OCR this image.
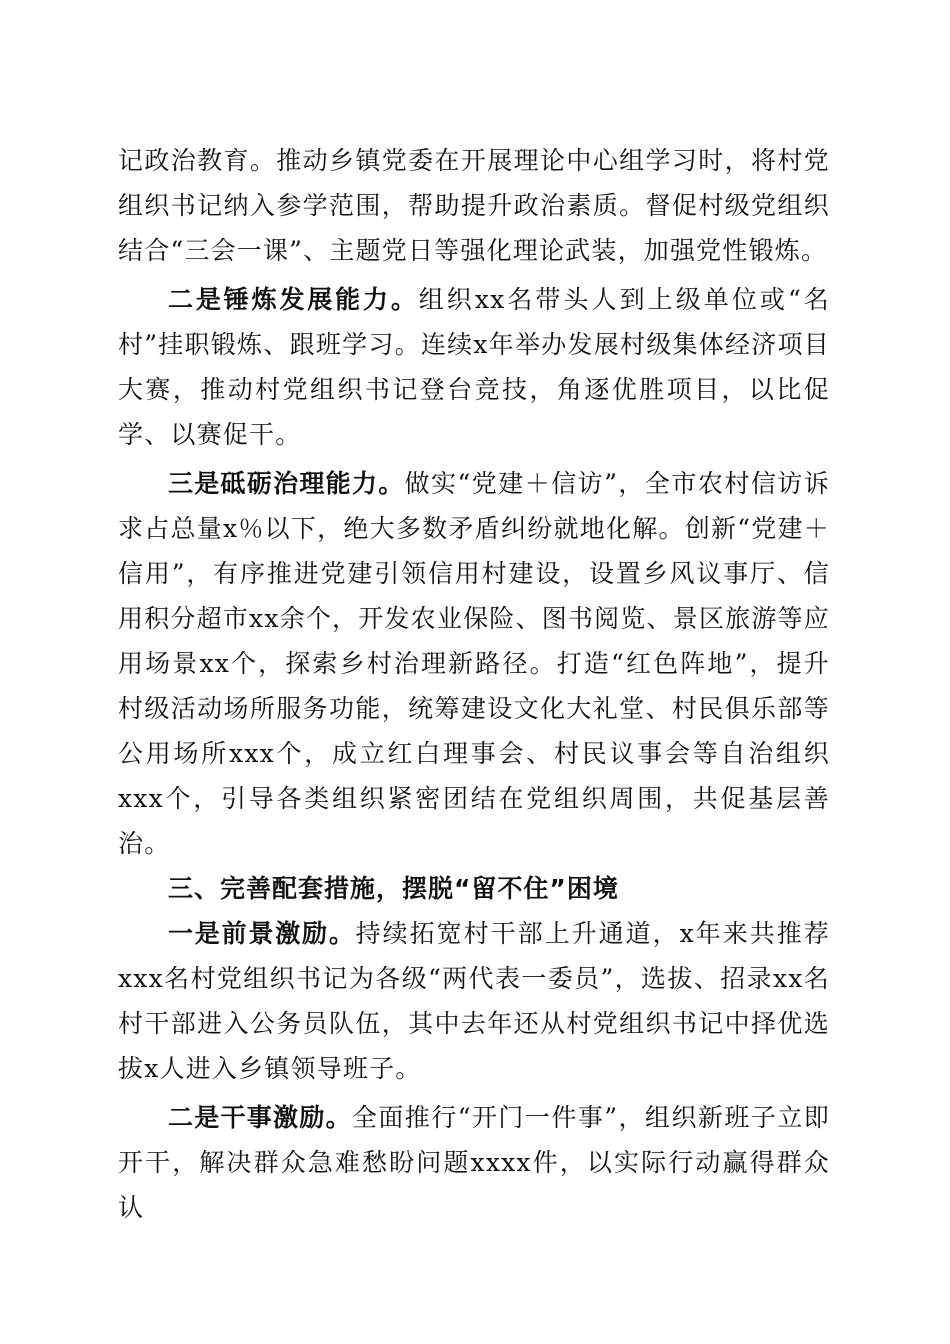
记政治教育。推动乡镇党委在开展理论中心组学习时，将村党组织书记纳入参学范围，帮助提升政治素质。督促村级党组织结合“三会一课”、主题党日等强化理论武装，加强党性锻炼。

二是锤炼发展能力。组织xx名带头人到上级单位或“名村”挂职锻炼、跟班学习。连续x年举办发展村级集体经济项目大赛，推动村党组织书记登台竞技，角逐优胜项目，以比促学、以赛促干。

三是砥砺治理能力。做实“党建＋信访”，全市农村信访诉求占总量x％以下，绝大多数矛盾纠纷就地化解。创新“党建＋信用”，有序推进党建引领信用村建设，设置乡风议事厅、信用积分超市xx余个，开发农业保险、图书阅览、景区旅游等应用场景xx个，探索乡村治理新路径。打造“红色阵地”，提升村级活动场所服务功能，统筹建设文化大礼堂、村民俱乐部等公用场所xxx个，成立红白理事会、村民议事会等自治组织xxx个，引导各类组织紧密团结在党组织周围，共促基层善治。

三、完善配套措施，摆脱“留不住”困境

一是前景激励。持续拓宽村干部上升通道，x年来共推荐xxx名村党组织书记为各级“两代表一委员”，选拔、招录xx名村干部进入公务员队伍，其中去年还从村党组织书记中择优选拔x人进入乡镇领导班子。

二是干事激励。全面推行“开门一件事”，组织新班子立即开干，解决群众急难愁盼问题xxxx件，以实际行动赢得群众认
